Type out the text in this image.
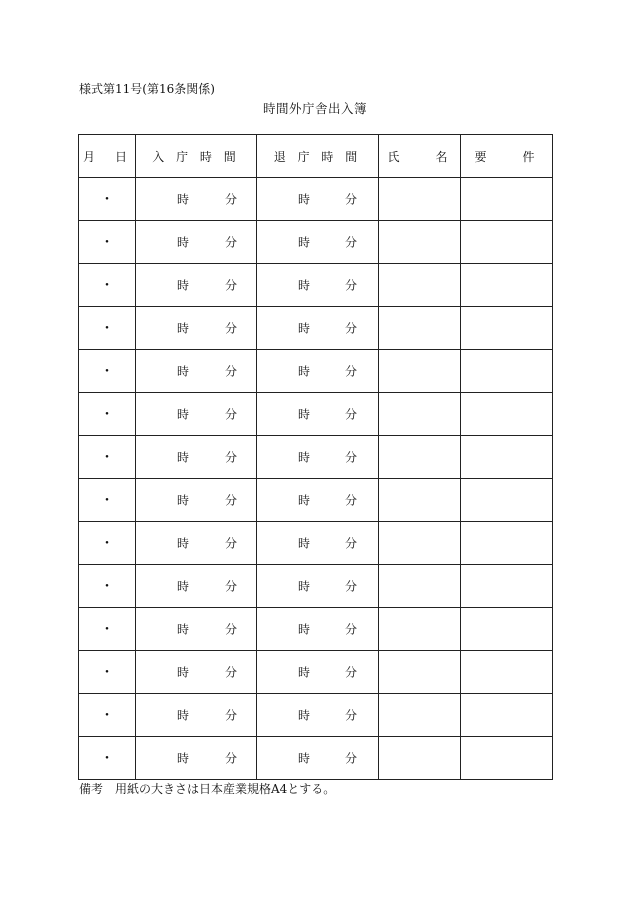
様式第11号(第16条関係)
時間外庁舎出入簿
月　日	入 庁 時 間	退 庁 時 間	氏　　名	要　　件
・	時 分	時 分		

・	時 分	時 分		

・	時 分	時 分		

・	時 分	時 分		

・	時 分	時 分		

・	時 分	時 分		

・	時 分	時 分		

・	時 分	時 分		

・	時 分	時 分		

・	時 分	時 分		

・	時 分	時 分		

・	時 分	時 分		

・	時 分	時 分		

・	時 分	時 分		

備考　用紙の大きさは日本産業規格A4とする。
